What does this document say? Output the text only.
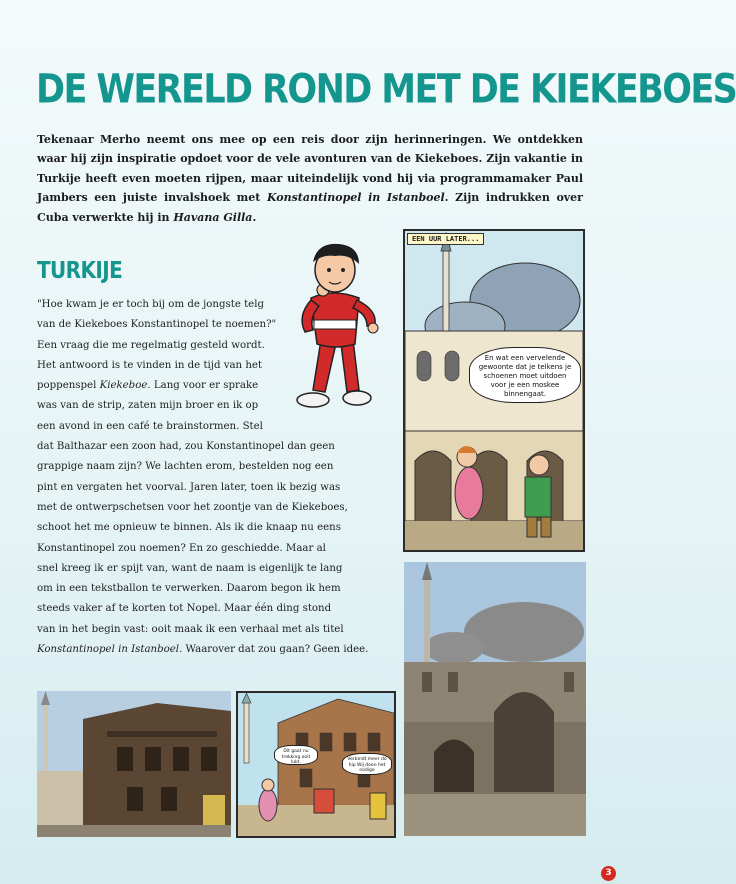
DE WERELD ROND MET DE KIEKEBOES
Tekenaar Merho neemt ons mee op een reis door zijn herinneringen. We ontdekken waar hij zijn inspiratie opdoet voor de vele avonturen van de Kiekeboes. Zijn vakantie in Turkije heeft even moeten rijpen, maar uiteindelijk vond hij via programmamaker Paul Jambers een juiste invalshoek met Konstantinopel in Istanboel. Zijn indrukken over Cuba verwerkte hij in Havana Gilla.
TURKIJE

"Hoe kwam je er toch bij om de jongste telg

van de Kiekeboes Konstantinopel te noemen?"

Een vraag die me regelmatig gesteld wordt.

Het antwoord is te vinden in de tijd van het

poppenspel Kiekeboe. Lang voor er sprake

was van de strip, zaten mijn broer en ik op

een avond in een café te brainstormen. Stel

dat Balthazar een zoon had, zou Konstantinopel dan geen

grappige naam zijn? We lachten erom, bestelden nog een

pint en vergaten het voorval. Jaren later, toen ik bezig was

met de ontwerpschetsen voor het zoontje van de Kiekeboes,

schoot het me opnieuw te binnen. Als ik die knaap nu eens

Konstantinopel zou noemen? En zo geschiedde. Maar al

snel kreeg ik er spijt van, want de naam is eigenlijk te lang

om in een tekstballon te verwerken. Daarom begon ik hem

steeds vaker af te korten tot Nopel. Maar één ding stond

van in het begin vast: ooit maak ik een verhaal met als titel

Konstantinopel in Istanboel. Waarover dat zou gaan? Geen idee.

EEN UUR LATER...
En wat een vervelende gewoonte dat je telkens je schoenen moet uitdoen voor je een moskee binnengaat.
Dit gaat nu trekking ooit lukt.
Verbindt meer do hip Wij doen het nodige
3
